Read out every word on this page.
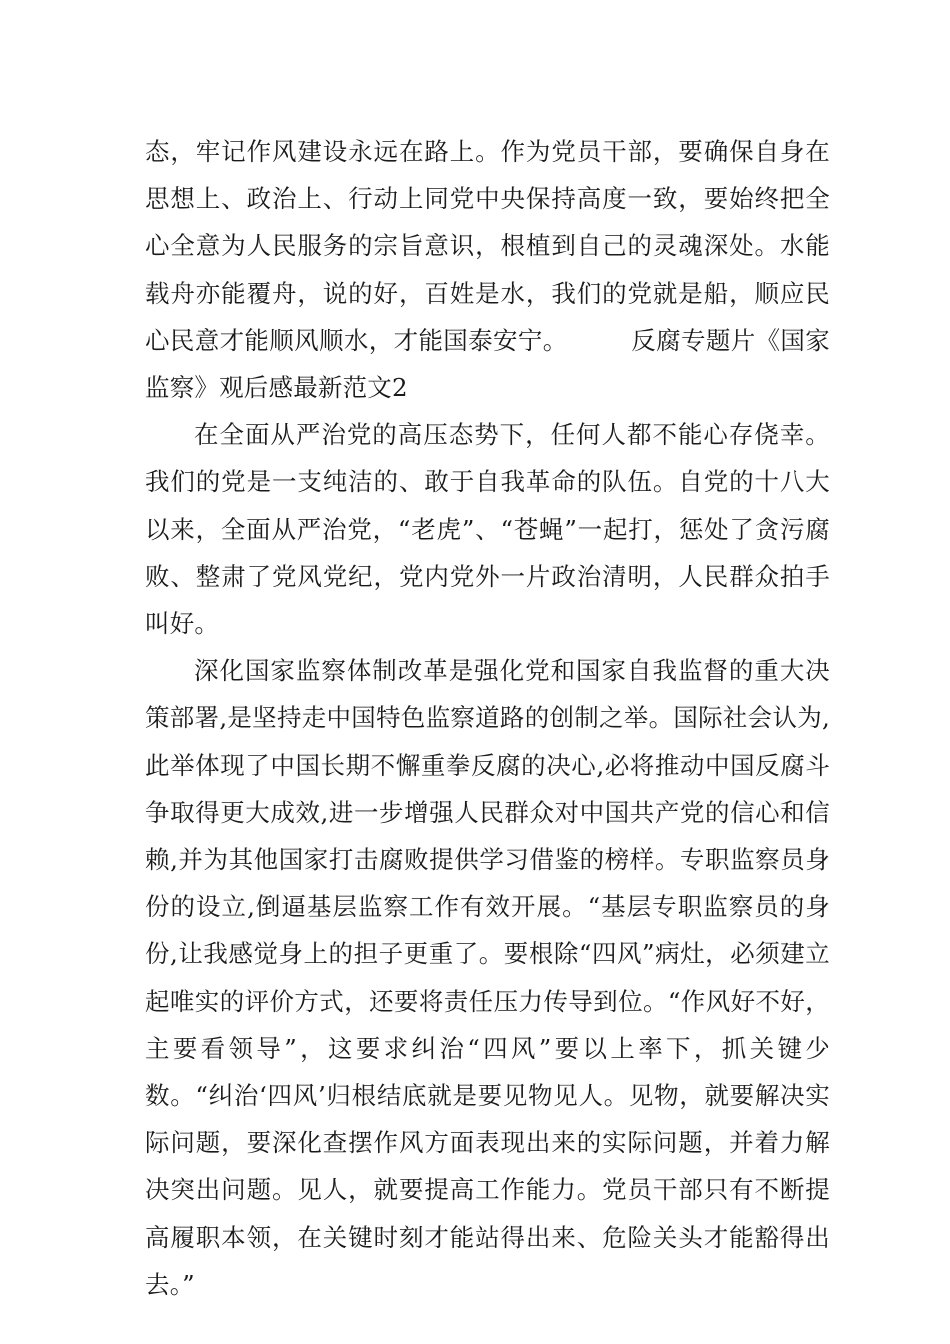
态，牢记作风建设永远在路上。作为党员干部，要确保自身在思想上、政治上、行动上同党中央保持高度一致，要始终把全心全意为人民服务的宗旨意识，根植到自己的灵魂深处。水能载舟亦能覆舟，说的好，百姓是水，我们的党就是船，顺应民心民意才能顺风顺水，才能国泰安宁。	反腐专题片《国家监察》观后感最新范文2

在全面从严治党的高压态势下，任何人都不能心存侥幸。我们的党是一支纯洁的、敢于自我革命的队伍。自党的十八大以来，全面从严治党，“老虎”、“苍蝇”一起打，惩处了贪污腐败、整肃了党风党纪，党内党外一片政治清明，人民群众拍手叫好。

深化国家监察体制改革是强化党和国家自我监督的重大决策部署,是坚持走中国特色监察道路的创制之举。国际社会认为,此举体现了中国长期不懈重拳反腐的决心,必将推动中国反腐斗争取得更大成效,进一步增强人民群众对中国共产党的信心和信赖,并为其他国家打击腐败提供学习借鉴的榜样。专职监察员身份的设立,倒逼基层监察工作有效开展。“基层专职监察员的身份,让我感觉身上的担子更重了。要根除“四风”病灶，必须建立起唯实的评价方式，还要将责任压力传导到位。“作风好不好，主要看领导”，这要求纠治“四风”要以上率下，抓关键少数。“纠治‘四风’归根结底就是要见物见人。见物，就要解决实际问题，要深化查摆作风方面表现出来的实际问题，并着力解决突出问题。见人，就要提高工作能力。党员干部只有不断提高履职本领，在关键时刻才能站得出来、危险关头才能豁得出去。”
